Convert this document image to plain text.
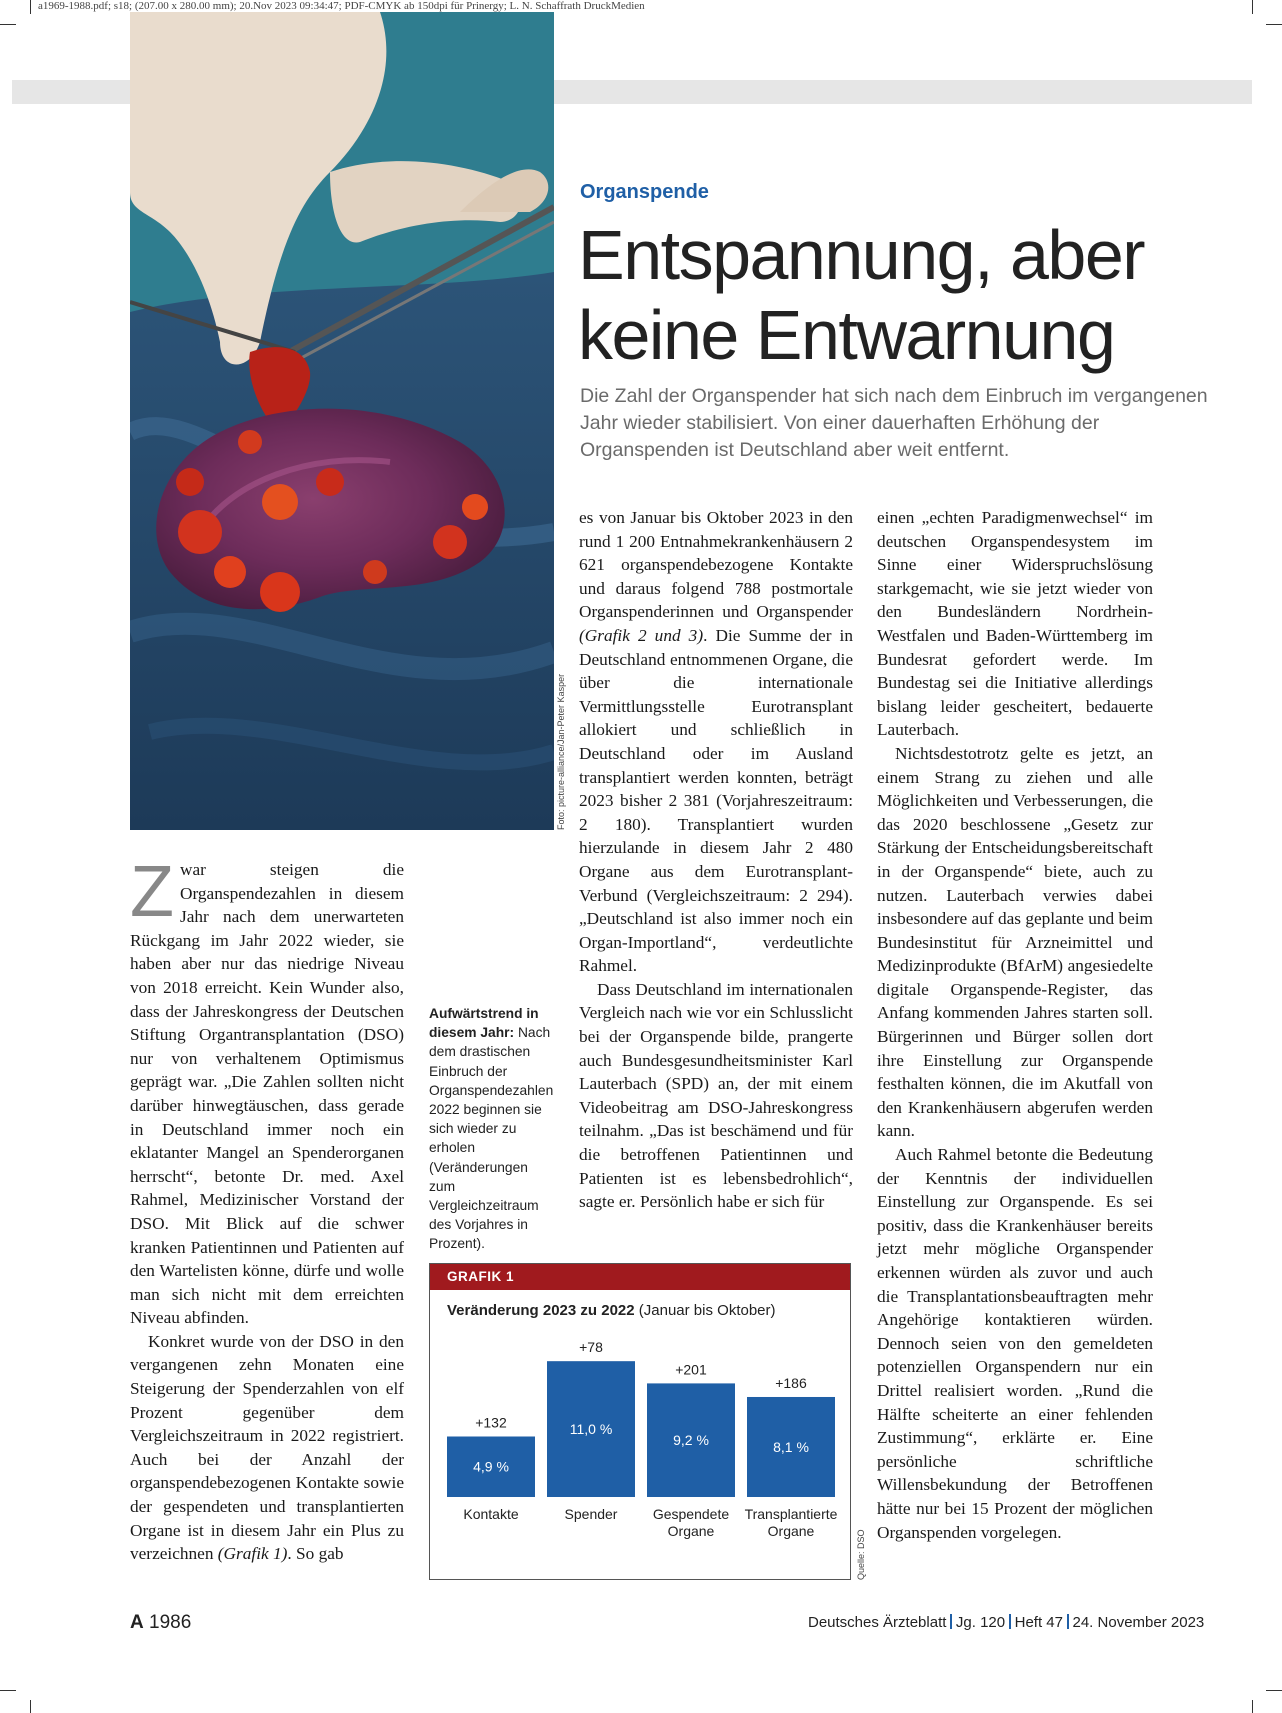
a1969-1988.pdf; s18; (207.00 x 280.00 mm); 20.Nov 2023 09:34:47; PDF-CMYK ab 150dpi für Prinergy; L. N. Schaffrath DruckMedien
Foto: picture-alliance/Jan-Peter Kasper
Organspende
Entspannung, aber
keine Entwarnung
Die Zahl der Organspender hat sich nach dem Einbruch im vergangenen Jahr wieder stabilisiert. Von einer dauerhaften Erhöhung der Organspenden ist Deutschland aber weit entfernt.

Zwar steigen die Organspendezahlen in diesem Jahr nach dem unerwarteten Rückgang im Jahr 2022 wieder, sie haben aber nur das niedrige Niveau von 2018 erreicht. Kein Wunder also, dass der Jahreskongress der Deutschen Stiftung Organtransplantation (DSO) nur von verhaltenem Optimismus geprägt war. „Die Zahlen sollten nicht darüber hinwegtäuschen, dass gerade in Deutschland immer noch ein eklatanter Mangel an Spenderorganen herrscht“, betonte Dr. med. Axel Rahmel, Medizinischer Vorstand der DSO. Mit Blick auf die schwer kranken Patientinnen und Patienten auf den Wartelisten könne, dürfe und wolle man sich nicht mit dem erreichten Niveau abfinden.

Konkret wurde von der DSO in den vergangenen zehn Monaten eine Steigerung der Spenderzahlen von elf Prozent gegenüber dem Vergleichszeitraum in 2022 registriert. Auch bei der Anzahl der organspendebezogenen Kontakte sowie der gespendeten und transplantierten Organe ist in diesem Jahr ein Plus zu verzeichnen (Grafik 1). So gab

Aufwärtstrend in diesem Jahr: Nach dem drastischen Einbruch der Organspendezahlen 2022 beginnen sie sich wieder zu erholen (Veränderungen zum Vergleichzeitraum des Vorjahres in Prozent).

es von Januar bis Oktober 2023 in den rund 1 200 Entnahmekrankenhäusern 2 621 organspendebezogene Kontakte und daraus folgend 788 postmortale Organspenderinnen und Organspender (Grafik 2 und 3). Die Summe der in Deutschland entnommenen Organe, die über die internationale Vermittlungsstelle Eurotransplant allokiert und schließlich in Deutschland oder im Ausland transplantiert werden konnten, beträgt 2023 bisher 2 381 (Vorjahreszeitraum: 2 180). Transplantiert wurden hierzulande in diesem Jahr 2 480 Organe aus dem Eurotransplant-Verbund (Vergleichszeitraum: 2 294). „Deutschland ist also immer noch ein Organ-Importland“, verdeutlichte Rahmel.

Dass Deutschland im internationalen Vergleich nach wie vor ein Schlusslicht bei der Organspende bilde, prangerte auch Bundesgesundheitsminister Karl Lauterbach (SPD) an, der mit einem Videobeitrag am DSO-Jahreskongress teilnahm. „Das ist beschämend und für die betroffenen Patientinnen und Patienten ist es lebensbedrohlich“, sagte er. Persönlich habe er sich für

einen „echten Paradigmenwechsel“ im deutschen Organspendesystem im Sinne einer Widerspruchslösung starkgemacht, wie sie jetzt wieder von den Bundesländern Nordrhein-Westfalen und Baden-Württemberg im Bundesrat gefordert werde. Im Bundestag sei die Initiative allerdings bislang leider gescheitert, bedauerte Lauterbach.

Nichtsdestotrotz gelte es jetzt, an einem Strang zu ziehen und alle Möglichkeiten und Verbesserungen, die das 2020 beschlossene „Gesetz zur Stärkung der Entscheidungsbereitschaft in der Organspende“ biete, auch zu nutzen. Lauterbach verwies dabei insbesondere auf das geplante und beim Bundesinstitut für Arzneimittel und Medizinprodukte (BfArM) angesiedelte digitale Organspende-Register, das Anfang kommenden Jahres starten soll. Bürgerinnen und Bürger sollen dort ihre Einstellung zur Organspende festhalten können, die im Akutfall von den Krankenhäusern abgerufen werden kann.

Auch Rahmel betonte die Bedeutung der Kenntnis der individuellen Einstellung zur Organspende. Es sei positiv, dass die Krankenhäuser bereits jetzt mehr mögliche Organspender erkennen würden als zuvor und auch die Transplantationsbeauftragten mehr Angehörige kontaktieren würden. Dennoch seien von den gemeldeten potenziellen Organspendern nur ein Drittel realisiert worden. „Rund die Hälfte scheiterte an einer fehlenden Zustimmung“, erklärte er. Eine persönliche schriftliche Willensbekundung der Betroffenen hätte nur bei 15 Prozent der möglichen Organspenden vorgelegen.

GRAFIK 1
Veränderung 2023 zu 2022 (Januar bis Oktober)
+132
4,9 %
Kontakte
+78
11,0 %
Spender
+201
9,2 %
Gespendete
Organe
+186
8,1 %
Transplantierte
Organe	Quelle: DSO
A 1986	Deutsches Ärzteblatt Jg. 120 Heft 47 24. November 2023
